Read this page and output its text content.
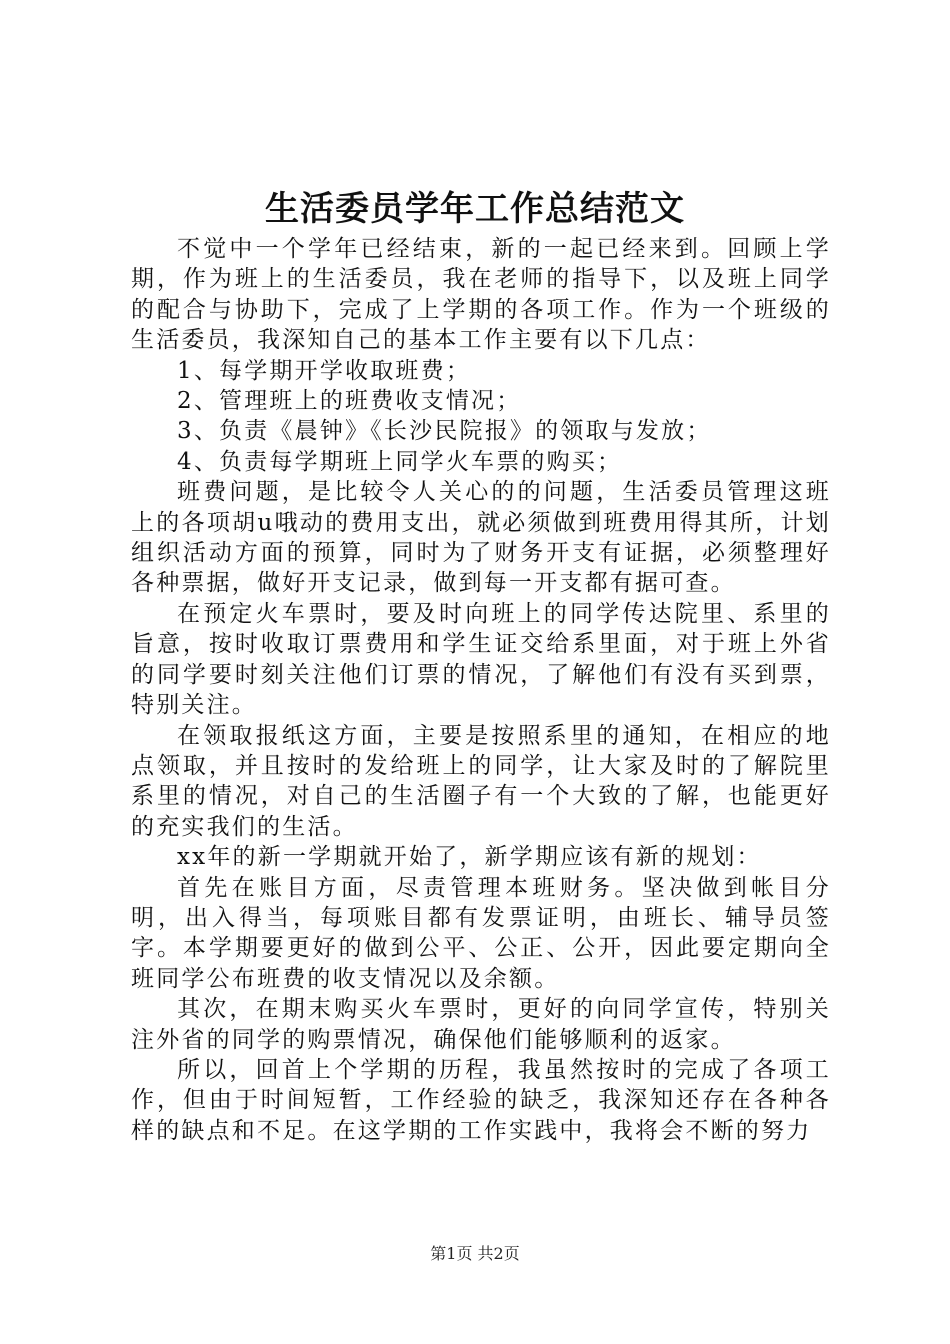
生活委员学年工作总结范文

不觉中一个学年已经结束，新的一起已经来到。回顾上学期，作为班上的生活委员，我在老师的指导下，以及班上同学的配合与协助下，完成了上学期的各项工作。作为一个班级的生活委员，我深知自己的基本工作主要有以下几点：

1、每学期开学收取班费；

2、管理班上的班费收支情况；

3、负责《晨钟》《长沙民院报》的领取与发放；

4、负责每学期班上同学火车票的购买；

班费问题，是比较令人关心的的问题，生活委员管理这班上的各项胡u哦动的费用支出，就必须做到班费用得其所，计划组织活动方面的预算，同时为了财务开支有证据，必须整理好各种票据，做好开支记录，做到每一开支都有据可查。

在预定火车票时，要及时向班上的同学传达院里、系里的旨意，按时收取订票费用和学生证交给系里面，对于班上外省的同学要时刻关注他们订票的情况，了解他们有没有买到票，特别关注。

在领取报纸这方面，主要是按照系里的通知，在相应的地点领取，并且按时的发给班上的同学，让大家及时的了解院里系里的情况，对自己的生活圈子有一个大致的了解，也能更好的充实我们的生活。

xx年的新一学期就开始了，新学期应该有新的规划：

首先在账目方面，尽责管理本班财务。坚决做到帐目分明，出入得当，每项账目都有发票证明，由班长、辅导员签字。本学期要更好的做到公平、公正、公开，因此要定期向全班同学公布班费的收支情况以及余额。

其次，在期末购买火车票时，更好的向同学宣传，特别关注外省的同学的购票情况，确保他们能够顺利的返家。

所以，回首上个学期的历程，我虽然按时的完成了各项工作，但由于时间短暂，工作经验的缺乏，我深知还存在各种各样的缺点和不足。在这学期的工作实践中，我将会不断的努力

第1页 共2页
